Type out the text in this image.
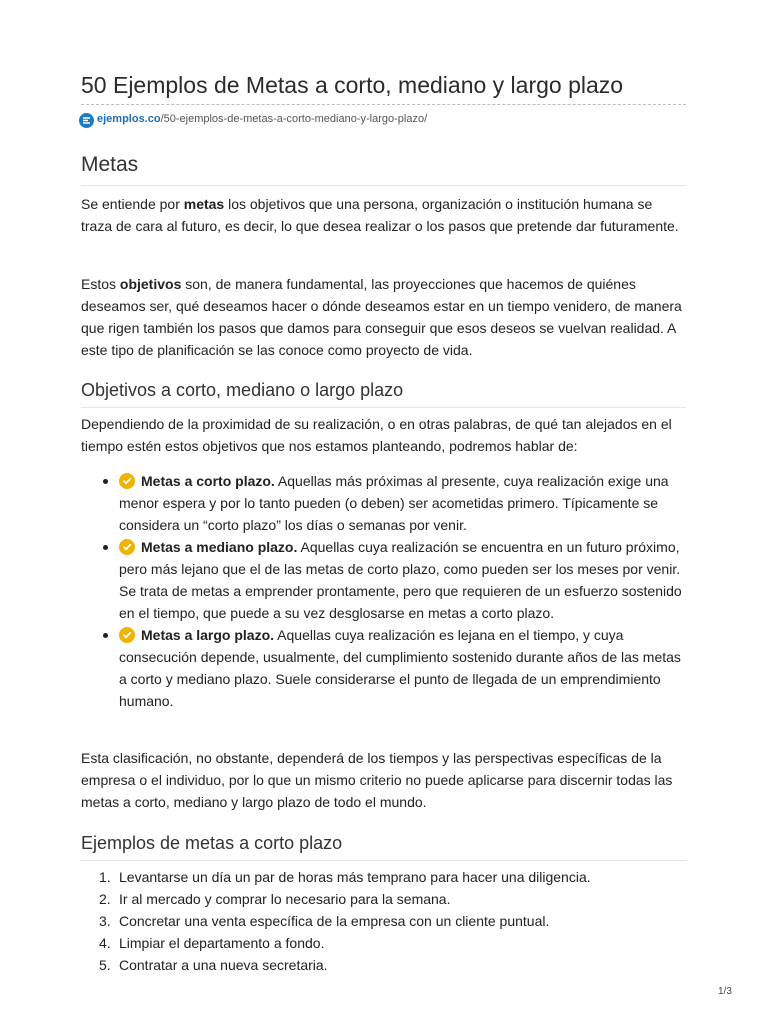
50 Ejemplos de Metas a corto, mediano y largo plazo
ejemplos.co/50-ejemplos-de-metas-a-corto-mediano-y-largo-plazo/
Metas

Se entiende por metas los objetivos que una persona, organización o institución humana se traza de cara al futuro, es decir, lo que desea realizar o los pasos que pretende dar futuramente.

Estos objetivos son, de manera fundamental, las proyecciones que hacemos de quiénes deseamos ser, qué deseamos hacer o dónde deseamos estar en un tiempo venidero, de manera que rigen también los pasos que damos para conseguir que esos deseos se vuelvan realidad. A este tipo de planificación se las conoce como proyecto de vida.

Objetivos a corto, mediano o largo plazo

Dependiendo de la proximidad de su realización, o en otras palabras, de qué tan alejados en el tiempo estén estos objetivos que nos estamos planteando, podremos hablar de:

Metas a corto plazo. Aquellas más próximas al presente, cuya realización exige una menor espera y por lo tanto pueden (o deben) ser acometidas primero. Típicamente se considera un “corto plazo” los días o semanas por venir.
Metas a mediano plazo. Aquellas cuya realización se encuentra en un futuro próximo, pero más lejano que el de las metas de corto plazo, como pueden ser los meses por venir. Se trata de metas a emprender prontamente, pero que requieren de un esfuerzo sostenido en el tiempo, que puede a su vez desglosarse en metas a corto plazo.
Metas a largo plazo. Aquellas cuya realización es lejana en el tiempo, y cuya consecución depende, usualmente, del cumplimiento sostenido durante años de las metas a corto y mediano plazo. Suele considerarse el punto de llegada de un emprendimiento humano.

Esta clasificación, no obstante, dependerá de los tiempos y las perspectivas específicas de la empresa o el individuo, por lo que un mismo criterio no puede aplicarse para discernir todas las metas a corto, mediano y largo plazo de todo el mundo.

Ejemplos de metas a corto plazo
1. Levantarse un día un par de horas más temprano para hacer una diligencia.
2. Ir al mercado y comprar lo necesario para la semana.
3. Concretar una venta específica de la empresa con un cliente puntual.
4. Limpiar el departamento a fondo.
5. Contratar a una nueva secretaria.
1/3
